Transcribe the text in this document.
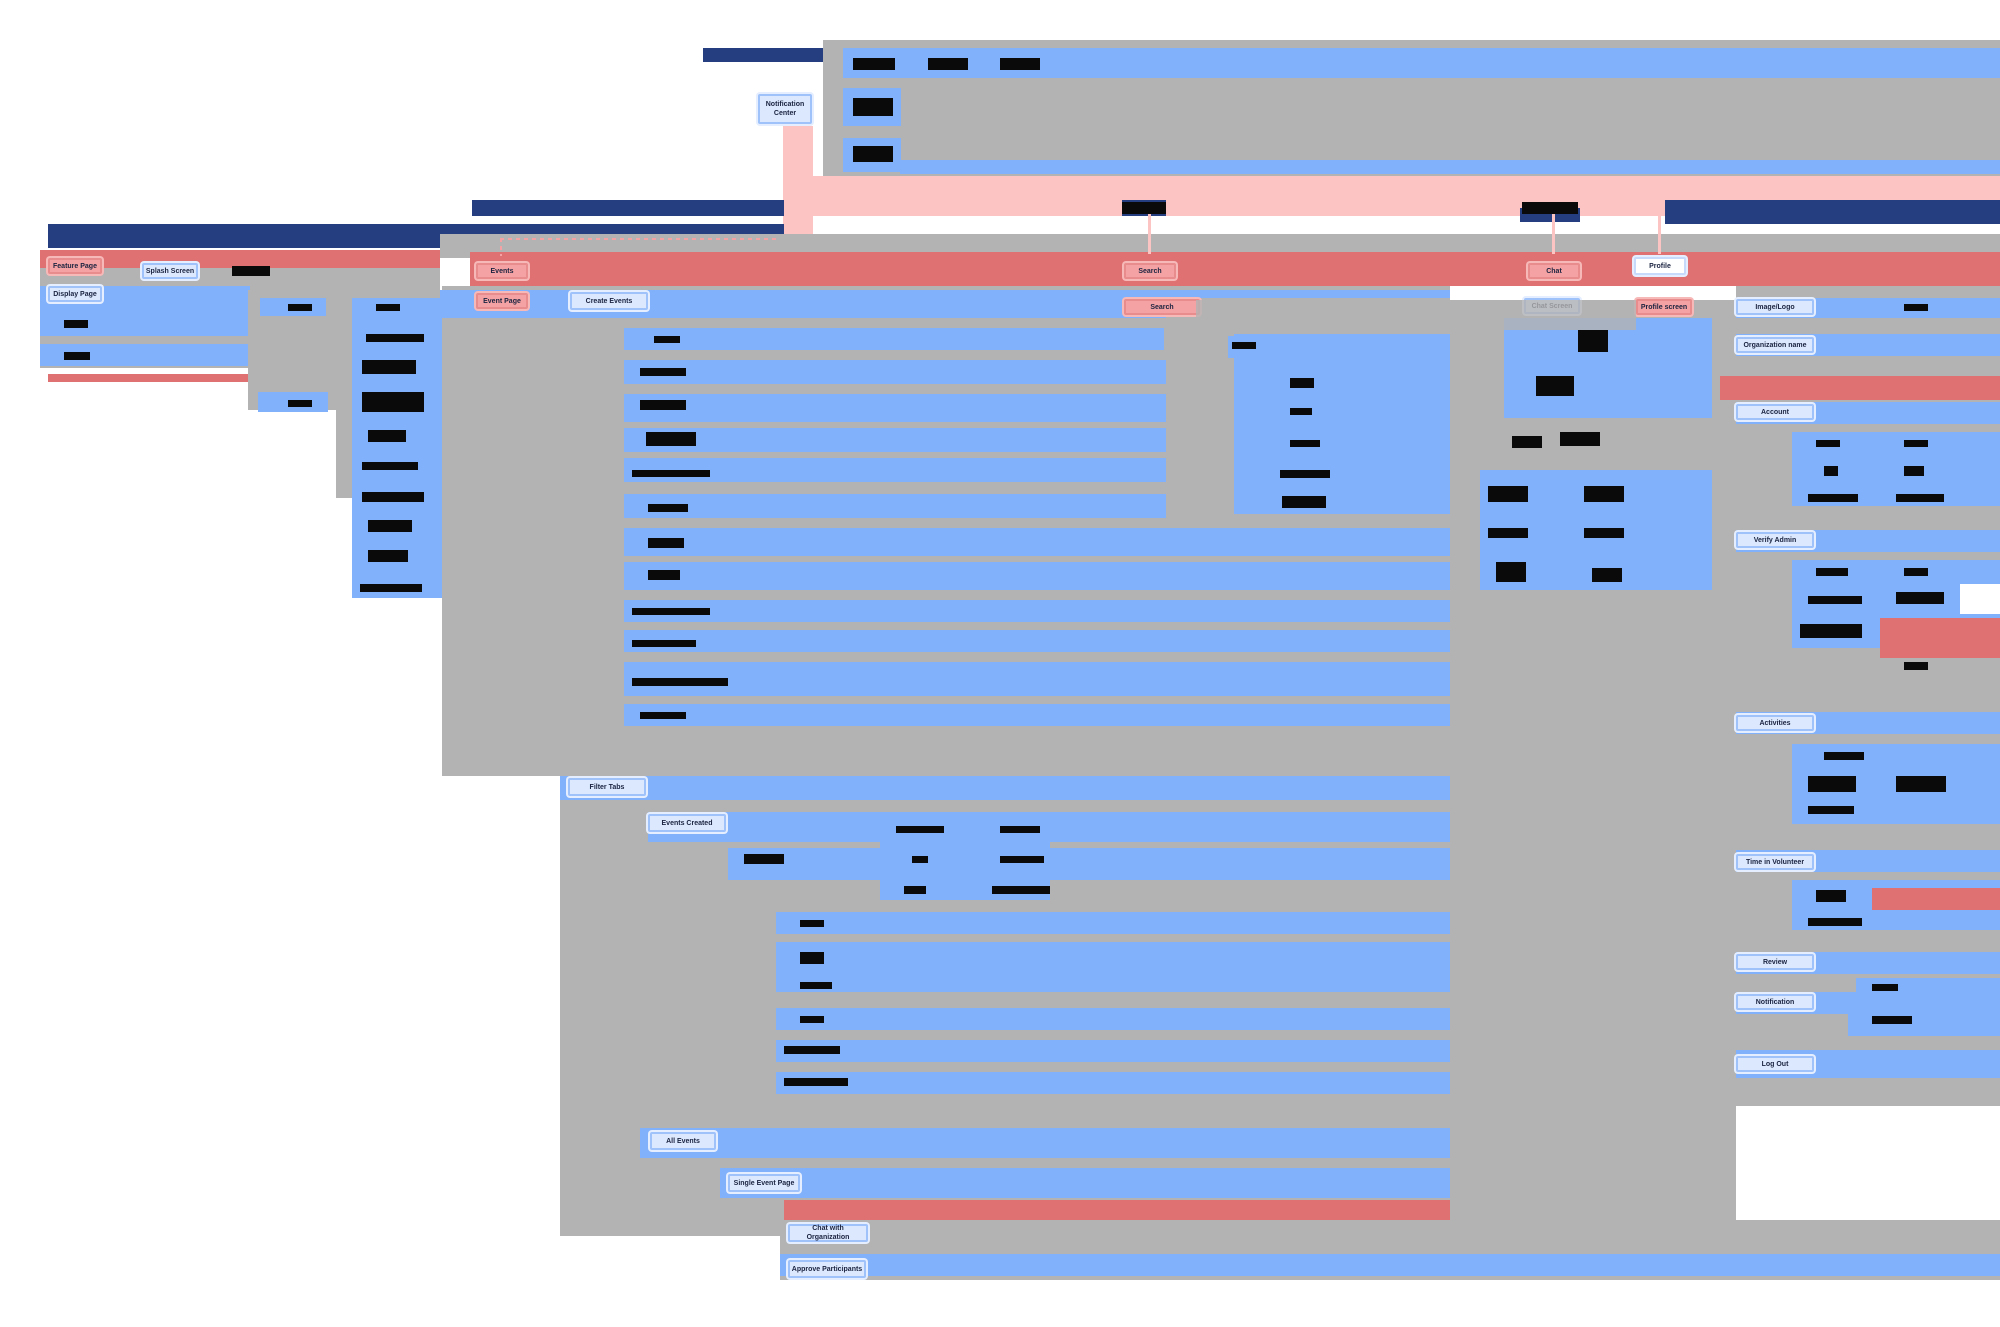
Notification Center
Feature Page
Splash Screen
Display Page
Events
Event Page	Create Events
Search
Search
Filter Tabs
Events Created
All Events
Single Event Page
Chat with Organization
Approve Participants
Chat
Profile
Profile screen	Image/Logo
Organization name
Account
Verify Admin
Activities
Time in Volunteer
Review
Notification
Log Out
